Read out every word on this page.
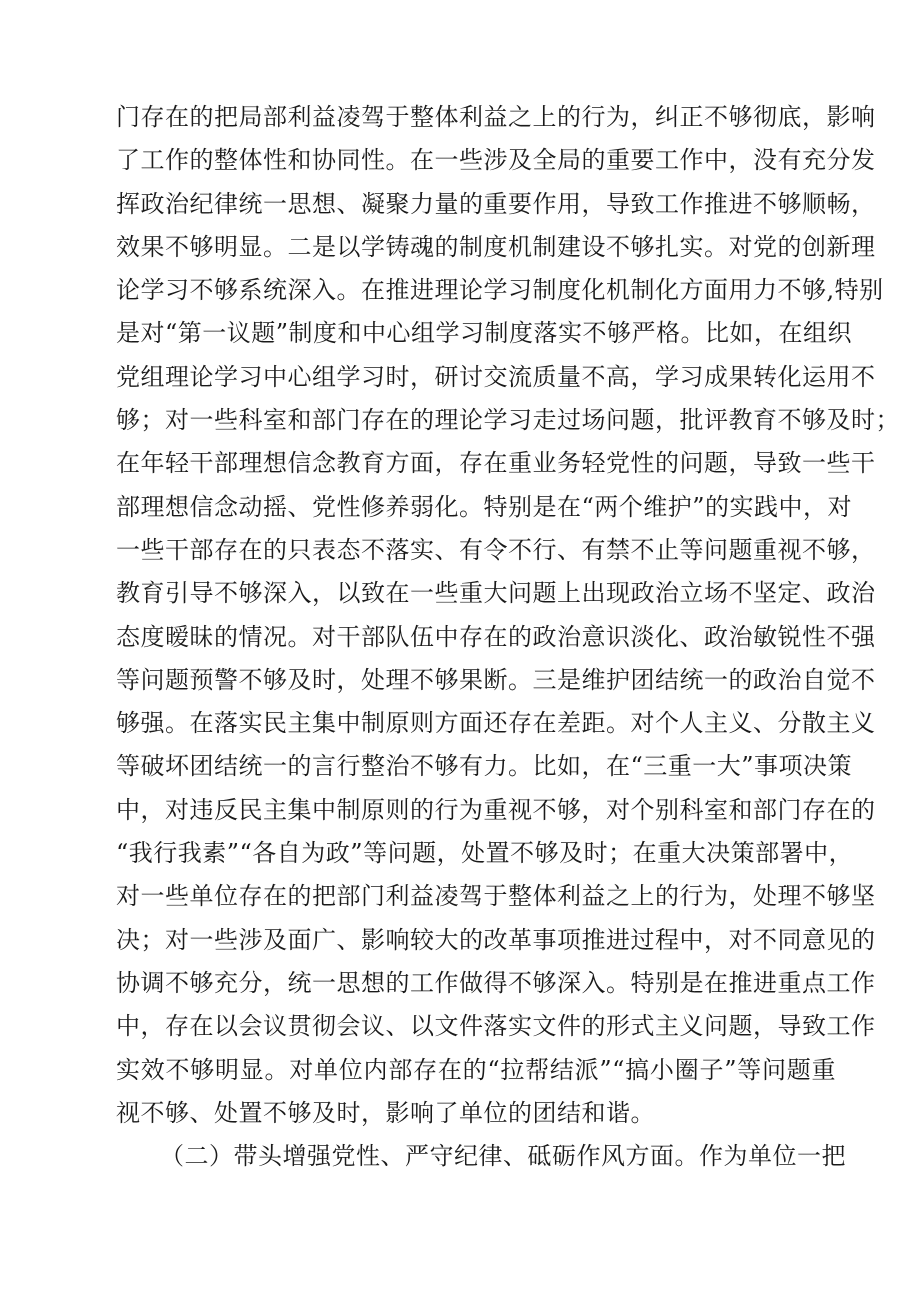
门存在的把局部利益凌驾于整体利益之上的行为，纠正不够彻底，影响
了工作的整体性和协同性。在一些涉及全局的重要工作中，没有充分发
挥政治纪律统一思想、凝聚力量的重要作用，导致工作推进不够顺畅，
效果不够明显。二是以学铸魂的制度机制建设不够扎实。对党的创新理
论学习不够系统深入。在推进理论学习制度化机制化方面用力不够,特别
是对“第一议题”制度和中心组学习制度落实不够严格。比如，在组织
党组理论学习中心组学习时，研讨交流质量不高，学习成果转化运用不
够；对一些科室和部门存在的理论学习走过场问题，批评教育不够及时；
在年轻干部理想信念教育方面，存在重业务轻党性的问题，导致一些干
部理想信念动摇、党性修养弱化。特别是在“两个维护”的实践中，对
一些干部存在的只表态不落实、有令不行、有禁不止等问题重视不够，
教育引导不够深入，以致在一些重大问题上出现政治立场不坚定、政治
态度暧昧的情况。对干部队伍中存在的政治意识淡化、政治敏锐性不强
等问题预警不够及时，处理不够果断。三是维护团结统一的政治自觉不
够强。在落实民主集中制原则方面还存在差距。对个人主义、分散主义
等破坏团结统一的言行整治不够有力。比如，在“三重一大”事项决策
中，对违反民主集中制原则的行为重视不够，对个别科室和部门存在的
“我行我素”“各自为政”等问题，处置不够及时；在重大决策部署中，
对一些单位存在的把部门利益凌驾于整体利益之上的行为，处理不够坚
决；对一些涉及面广、影响较大的改革事项推进过程中，对不同意见的
协调不够充分，统一思想的工作做得不够深入。特别是在推进重点工作
中，存在以会议贯彻会议、以文件落实文件的形式主义问题，导致工作
实效不够明显。对单位内部存在的“拉帮结派”“搞小圈子”等问题重
视不够、处置不够及时，影响了单位的团结和谐。
（二）带头增强党性、严守纪律、砥砺作风方面。作为单位一把
